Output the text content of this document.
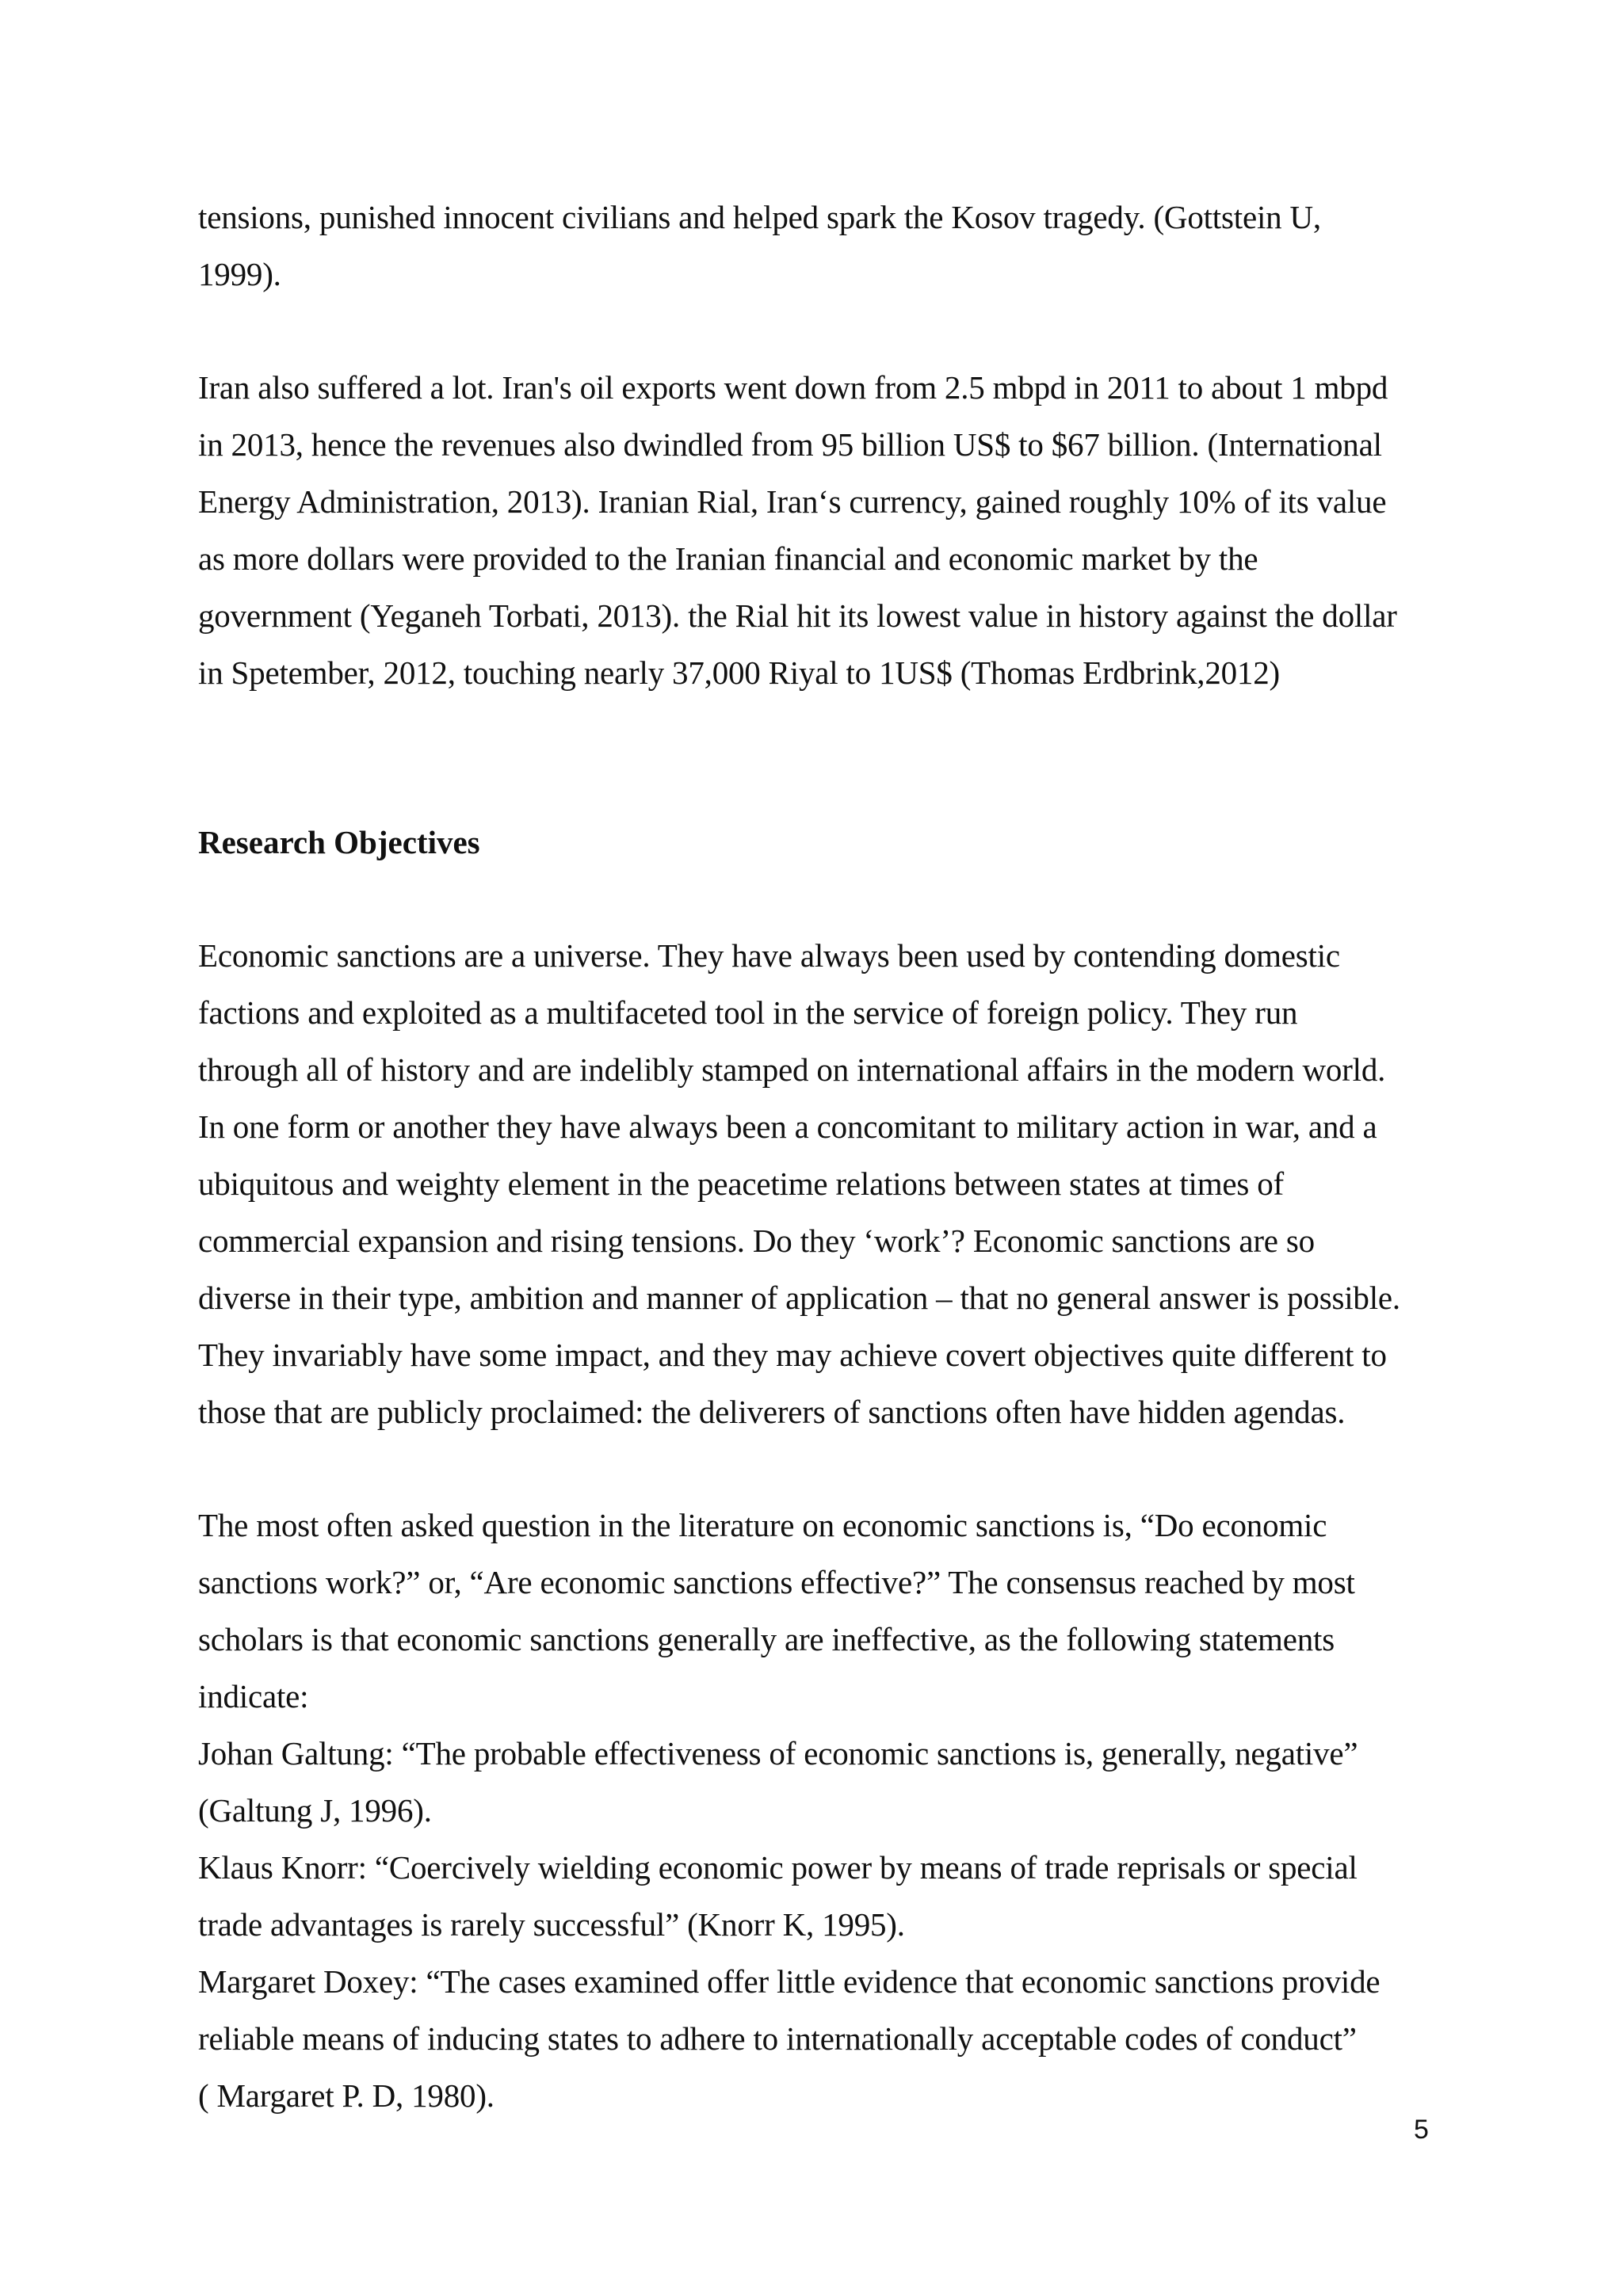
tensions, punished innocent civilians and helped spark the Kosov tragedy. (Gottstein U,
1999).
Iran also suffered a lot. Iran's oil exports went down from 2.5 mbpd in 2011 to about 1 mbpd
in 2013, hence the revenues also dwindled from 95 billion US$ to $67 billion. (International
Energy Administration, 2013). Iranian Rial, Iran‘s currency, gained roughly 10% of its value
as more dollars were provided to the Iranian financial and economic market by the
government (Yeganeh Torbati, 2013). the Rial hit its lowest value in history against the dollar
in Spetember, 2012, touching nearly 37,000 Riyal to 1US$ (Thomas Erdbrink,2012)
Research Objectives
Economic sanctions are a universe. They have always been used by contending domestic
factions and exploited as a multifaceted tool in the service of foreign policy. They run
through all of history and are indelibly stamped on international affairs in the modern world.
In one form or another they have always been a concomitant to military action in war, and a
ubiquitous and weighty element in the peacetime relations between states at times of
commercial expansion and rising tensions. Do they ‘work’? Economic sanctions are so
diverse in their type, ambition and manner of application – that no general answer is possible.
They invariably have some impact, and they may achieve covert objectives quite different to
those that are publicly proclaimed: the deliverers of sanctions often have hidden agendas.
The most often asked question in the literature on economic sanctions is, “Do economic
sanctions work?” or, “Are economic sanctions effective?” The consensus reached by most
scholars is that economic sanctions generally are ineffective, as the following statements
indicate:
Johan Galtung: “The probable effectiveness of economic sanctions is, generally, negative”
(Galtung J, 1996).
Klaus Knorr: “Coercively wielding economic power by means of trade reprisals or special
trade advantages is rarely successful” (Knorr K, 1995).
Margaret Doxey: “The cases examined offer little evidence that economic sanctions provide
reliable means of inducing states to adhere to internationally acceptable codes of conduct”
( Margaret P. D, 1980).
5
